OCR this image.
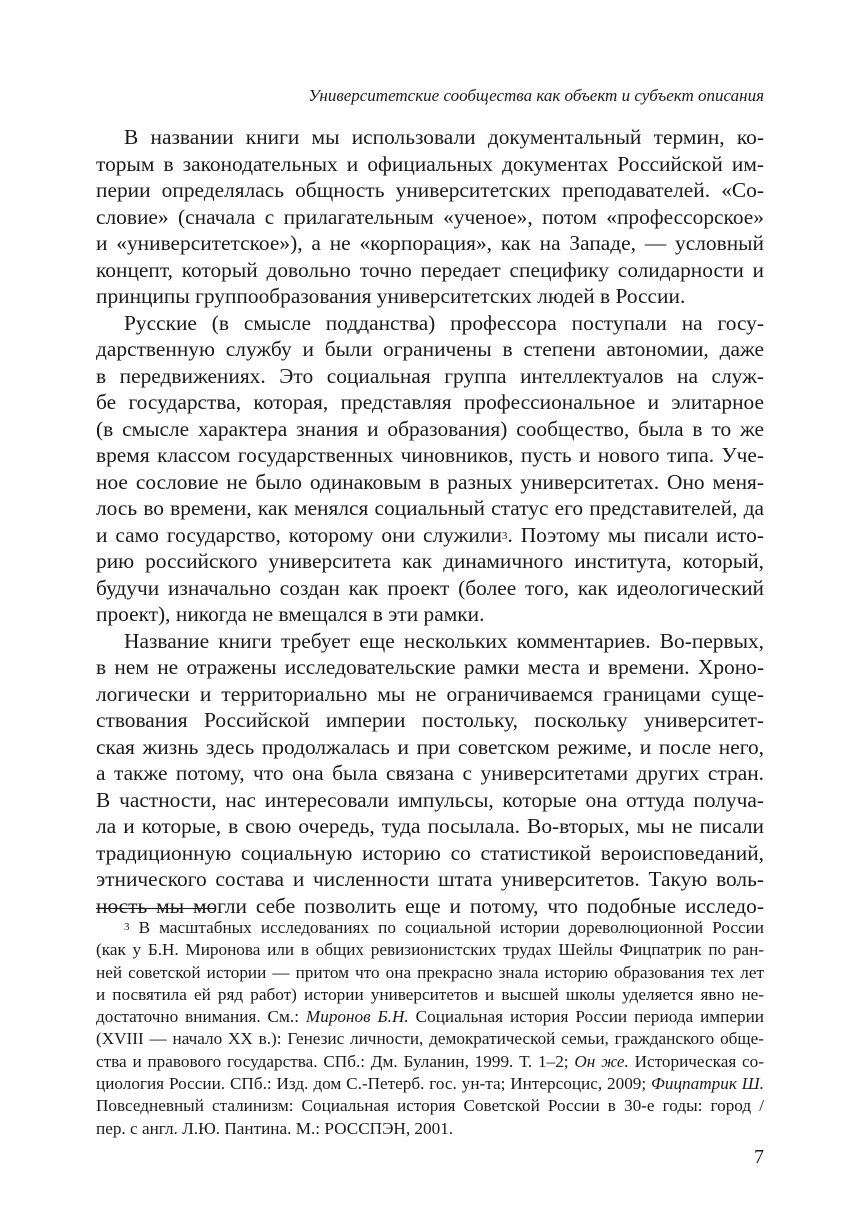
Университетские сообщества как объект и субъект описания

В названии книги мы использовали документальный термин, ко-
торым в законодательных и официальных документах Российской им-
перии определялась общность университетских преподавателей. «Со-
словие» (сначала с прилагательным «ученое», потом «профессорское»
и «университетское»), а не «корпорация», как на Западе, — условный
концепт, который довольно точно передает специфику солидарности и
принципы группообразования университетских людей в России.

Русские (в смысле подданства) профессора поступали на госу-
дарственную службу и были ограничены в степени автономии, даже
в передвижениях. Это социальная группа интеллектуалов на служ-
бе государства, которая, представляя профессиональное и элитарное
(в смысле характера знания и образования) сообщество, была в то же
время классом государственных чиновников, пусть и нового типа. Уче-
ное сословие не было одинаковым в разных университетах. Оно меня-
лось во времени, как менялся социальный статус его представителей, да
и само государство, которому они служили$^3$. Поэтому мы писали исто-
рию российского университета как динамичного института, который,
будучи изначально создан как проект (более того, как идеологический
проект), никогда не вмещался в эти рамки.

Название книги требует еще нескольких комментариев. Во-первых,
в нем не отражены исследовательские рамки места и времени. Хроно-
логически и территориально мы не ограничиваемся границами суще-
ствования Российской империи постольку, поскольку университет-
ская жизнь здесь продолжалась и при советском режиме, и после него,
а также потому, что она была связана с университетами других стран.
В частности, нас интересовали импульсы, которые она оттуда получа-
ла и которые, в свою очередь, туда посылала. Во-вторых, мы не писали
традиционную социальную историю со статистикой вероисповеданий,
этнического состава и численности штата университетов. Такую воль-
ность мы могли себе позволить еще и потому, что подобные исследо-

$^3$ В масштабных исследованиях по социальной истории дореволюционной России
(как у Б.Н. Миронова или в общих ревизионистских трудах Шейлы Фицпатрик по ран-
ней советской истории — притом что она прекрасно знала историю образования тех лет
и посвятила ей ряд работ) истории университетов и высшей школы уделяется явно не-
достаточно внимания. См.: Миронов Б.Н. Социальная история России периода империи
(XVIII — начало XX в.): Генезис личности, демократической семьи, гражданского обще-
ства и правового государства. СПб.: Дм. Буланин, 1999. Т. 1–2; Он же. Историческая со-
циология России. СПб.: Изд. дом С.-Петерб. гос. ун-та; Интерсоцис, 2009; Фицпатрик Ш.
Повседневный сталинизм: Социальная история Советской России в 30-е годы: город /
пер. с англ. Л.Ю. Пантина. М.: РОССПЭН, 2001.
7
